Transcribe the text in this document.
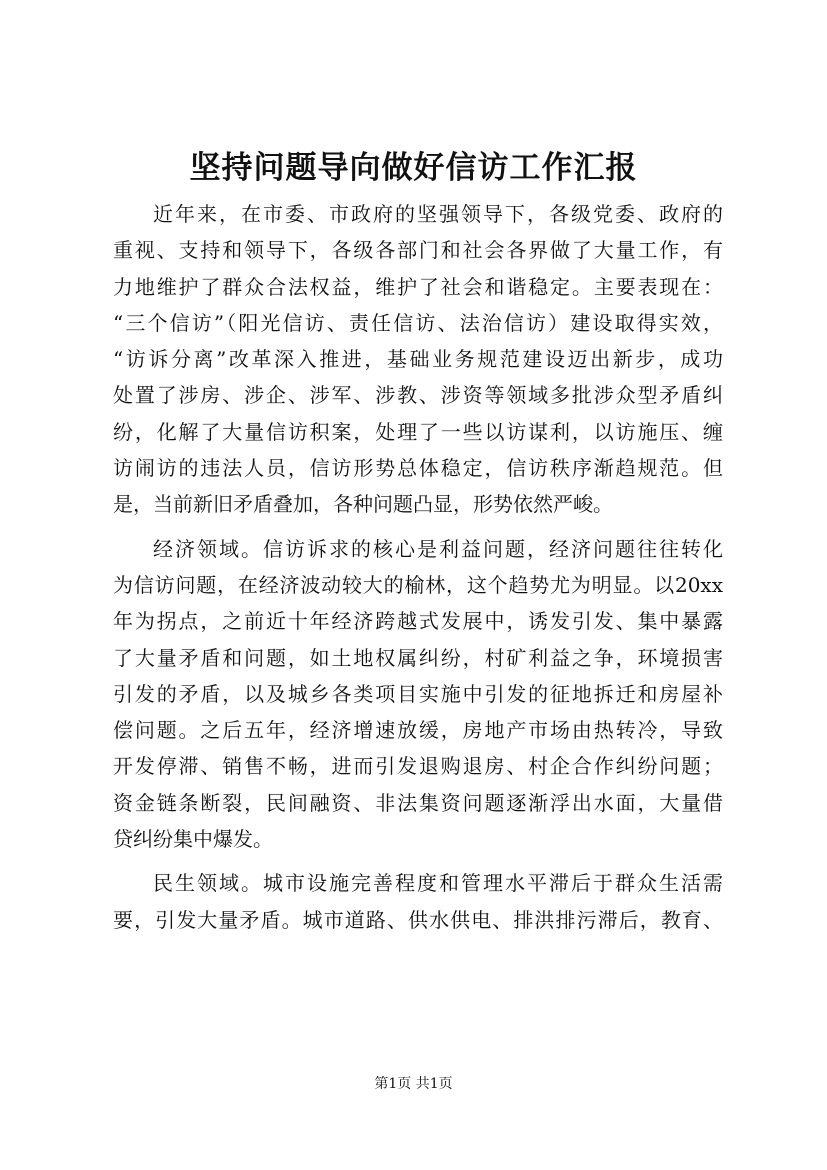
坚持问题导向做好信访工作汇报
近年来，在市委、市政府的坚强领导下，各级党委、政府的
重视、支持和领导下，各级各部门和社会各界做了大量工作，有
力地维护了群众合法权益，维护了社会和谐稳定。主要表现在：
“三个信访”（阳光信访、责任信访、法治信访）建设取得实效，
“访诉分离”改革深入推进，基础业务规范建设迈出新步，成功
处置了涉房、涉企、涉军、涉教、涉资等领域多批涉众型矛盾纠
纷，化解了大量信访积案，处理了一些以访谋利，以访施压、缠
访闹访的违法人员，信访形势总体稳定，信访秩序渐趋规范。但
是，当前新旧矛盾叠加，各种问题凸显，形势依然严峻。
经济领域。信访诉求的核心是利益问题，经济问题往往转化
为信访问题，在经济波动较大的榆林，这个趋势尤为明显。以20xx
年为拐点，之前近十年经济跨越式发展中，诱发引发、集中暴露
了大量矛盾和问题，如土地权属纠纷，村矿利益之争，环境损害
引发的矛盾，以及城乡各类项目实施中引发的征地拆迁和房屋补
偿问题。之后五年，经济增速放缓，房地产市场由热转冷，导致
开发停滞、销售不畅，进而引发退购退房、村企合作纠纷问题；
资金链条断裂，民间融资、非法集资问题逐渐浮出水面，大量借
贷纠纷集中爆发。
民生领域。城市设施完善程度和管理水平滞后于群众生活需
要，引发大量矛盾。城市道路、供水供电、排洪排污滞后，教育、
第1页 共1页
